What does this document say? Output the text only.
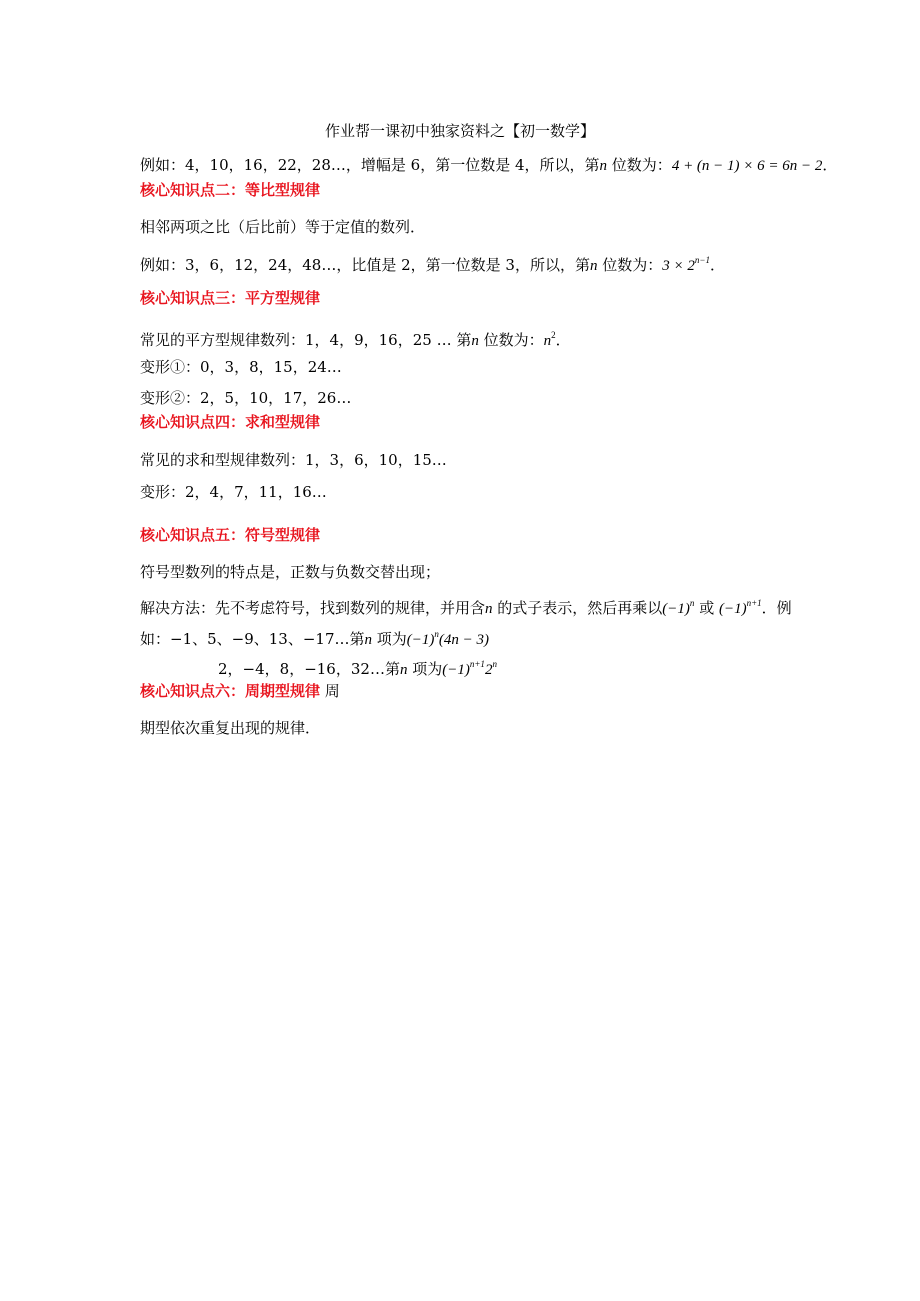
作业帮一课初中独家资料之【初一数学】
例如：4，10，16，22，28…，增幅是 6，第一位数是 4，所以，第n 位数为：4 + (n − 1) × 6 = 6n − 2．
核心知识点二：等比型规律
相邻两项之比（后比前）等于定值的数列．
例如：3，6，12，24，48…，比值是 2，第一位数是 3，所以，第n 位数为：$3 \times 2^{n-1}$．
核心知识点三：平方型规律
常见的平方型规律数列：1，4，9，16，25 … 第n 位数为：$n^2$．
变形①：0，3，8，15，24…
变形②：2，5，10，17，26…
核心知识点四：求和型规律
常见的求和型规律数列：1，3，6，10，15…
变形：2，4，7，11，16…
核心知识点五：符号型规律
符号型数列的特点是，正数与负数交替出现；
解决方法：先不考虑符号，找到数列的规律，并用含n 的式子表示，然后再乘以$(-1)^n$ 或 $(-1)^{n+1}$．例
如：−1、5、−9、13、−17…第n 项为$(-1)^n(4n - 3)$
2，−4，8，−16，32…第n 项为$(-1)^{n+1}2^n$
核心知识点六：周期型规律 周
期型依次重复出现的规律．
